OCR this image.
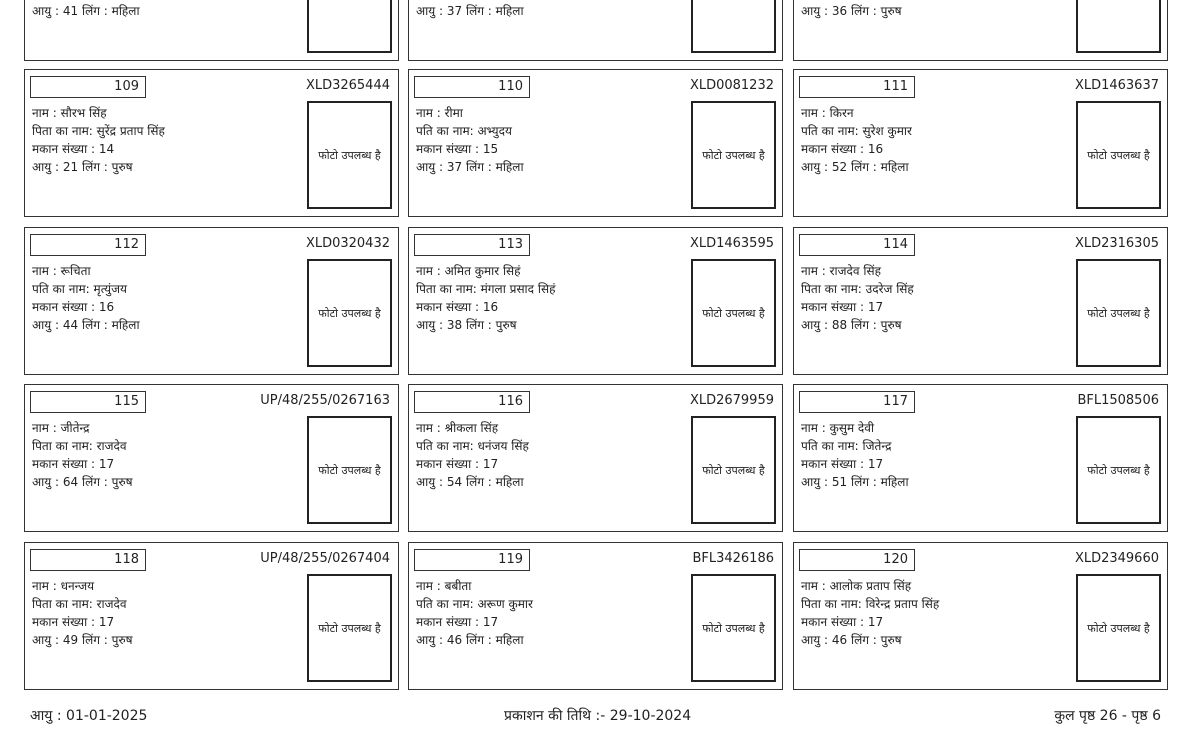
आयु : 41 लिंग : महिला	आयु : 37 लिंग : महिला	आयु : 36 लिंग : पुरुष
109	XLD3265444
नाम : सौरभ सिंह
पिता का नाम: सुरेंद्र प्रताप सिंह
मकान संख्या : 14
आयु : 21 लिंग : पुरुष
फोटो उपलब्ध है
110	XLD0081232
नाम : रीमा
पति का नाम: अभ्युदय
मकान संख्या : 15
आयु : 37 लिंग : महिला
फोटो उपलब्ध है
111	XLD1463637
नाम : किरन
पति का नाम: सुरेश कुमार
मकान संख्या : 16
आयु : 52 लिंग : महिला
फोटो उपलब्ध है
112	XLD0320432
नाम : रूचिता
पति का नाम: मृत्युंजय
मकान संख्या : 16
आयु : 44 लिंग : महिला
फोटो उपलब्ध है
113	XLD1463595
नाम : अमित कुमार सिहं
पिता का नाम: मंगला प्रसाद सिहं
मकान संख्या : 16
आयु : 38 लिंग : पुरुष
फोटो उपलब्ध है
114	XLD2316305
नाम : राजदेव सिंह
पिता का नाम: उदरेज सिंह
मकान संख्या : 17
आयु : 88 लिंग : पुरुष
फोटो उपलब्ध है
115	UP/48/255/0267163
नाम : जीतेन्द्र
पिता का नाम: राजदेव
मकान संख्या : 17
आयु : 64 लिंग : पुरुष
फोटो उपलब्ध है
116	XLD2679959
नाम : श्रीकला सिंह
पति का नाम: धनंजय सिंह
मकान संख्या : 17
आयु : 54 लिंग : महिला
फोटो उपलब्ध है
117	BFL1508506
नाम : कुसुम देवी
पति का नाम: जितेन्द्र
मकान संख्या : 17
आयु : 51 लिंग : महिला
फोटो उपलब्ध है
118	UP/48/255/0267404
नाम : धनन्जय
पिता का नाम: राजदेव
मकान संख्या : 17
आयु : 49 लिंग : पुरुष
फोटो उपलब्ध है
119	BFL3426186
नाम : बबीता
पति का नाम: अरूण कुमार
मकान संख्या : 17
आयु : 46 लिंग : महिला
फोटो उपलब्ध है
120	XLD2349660
नाम : आलोक प्रताप सिंह
पिता का नाम: विरेन्द्र प्रताप सिंह
मकान संख्या : 17
आयु : 46 लिंग : पुरुष
फोटो उपलब्ध है
आयु : 01-01-2025	प्रकाशन की तिथि :- 29-10-2024	कुल पृष्ठ 26 - पृष्ठ 6
